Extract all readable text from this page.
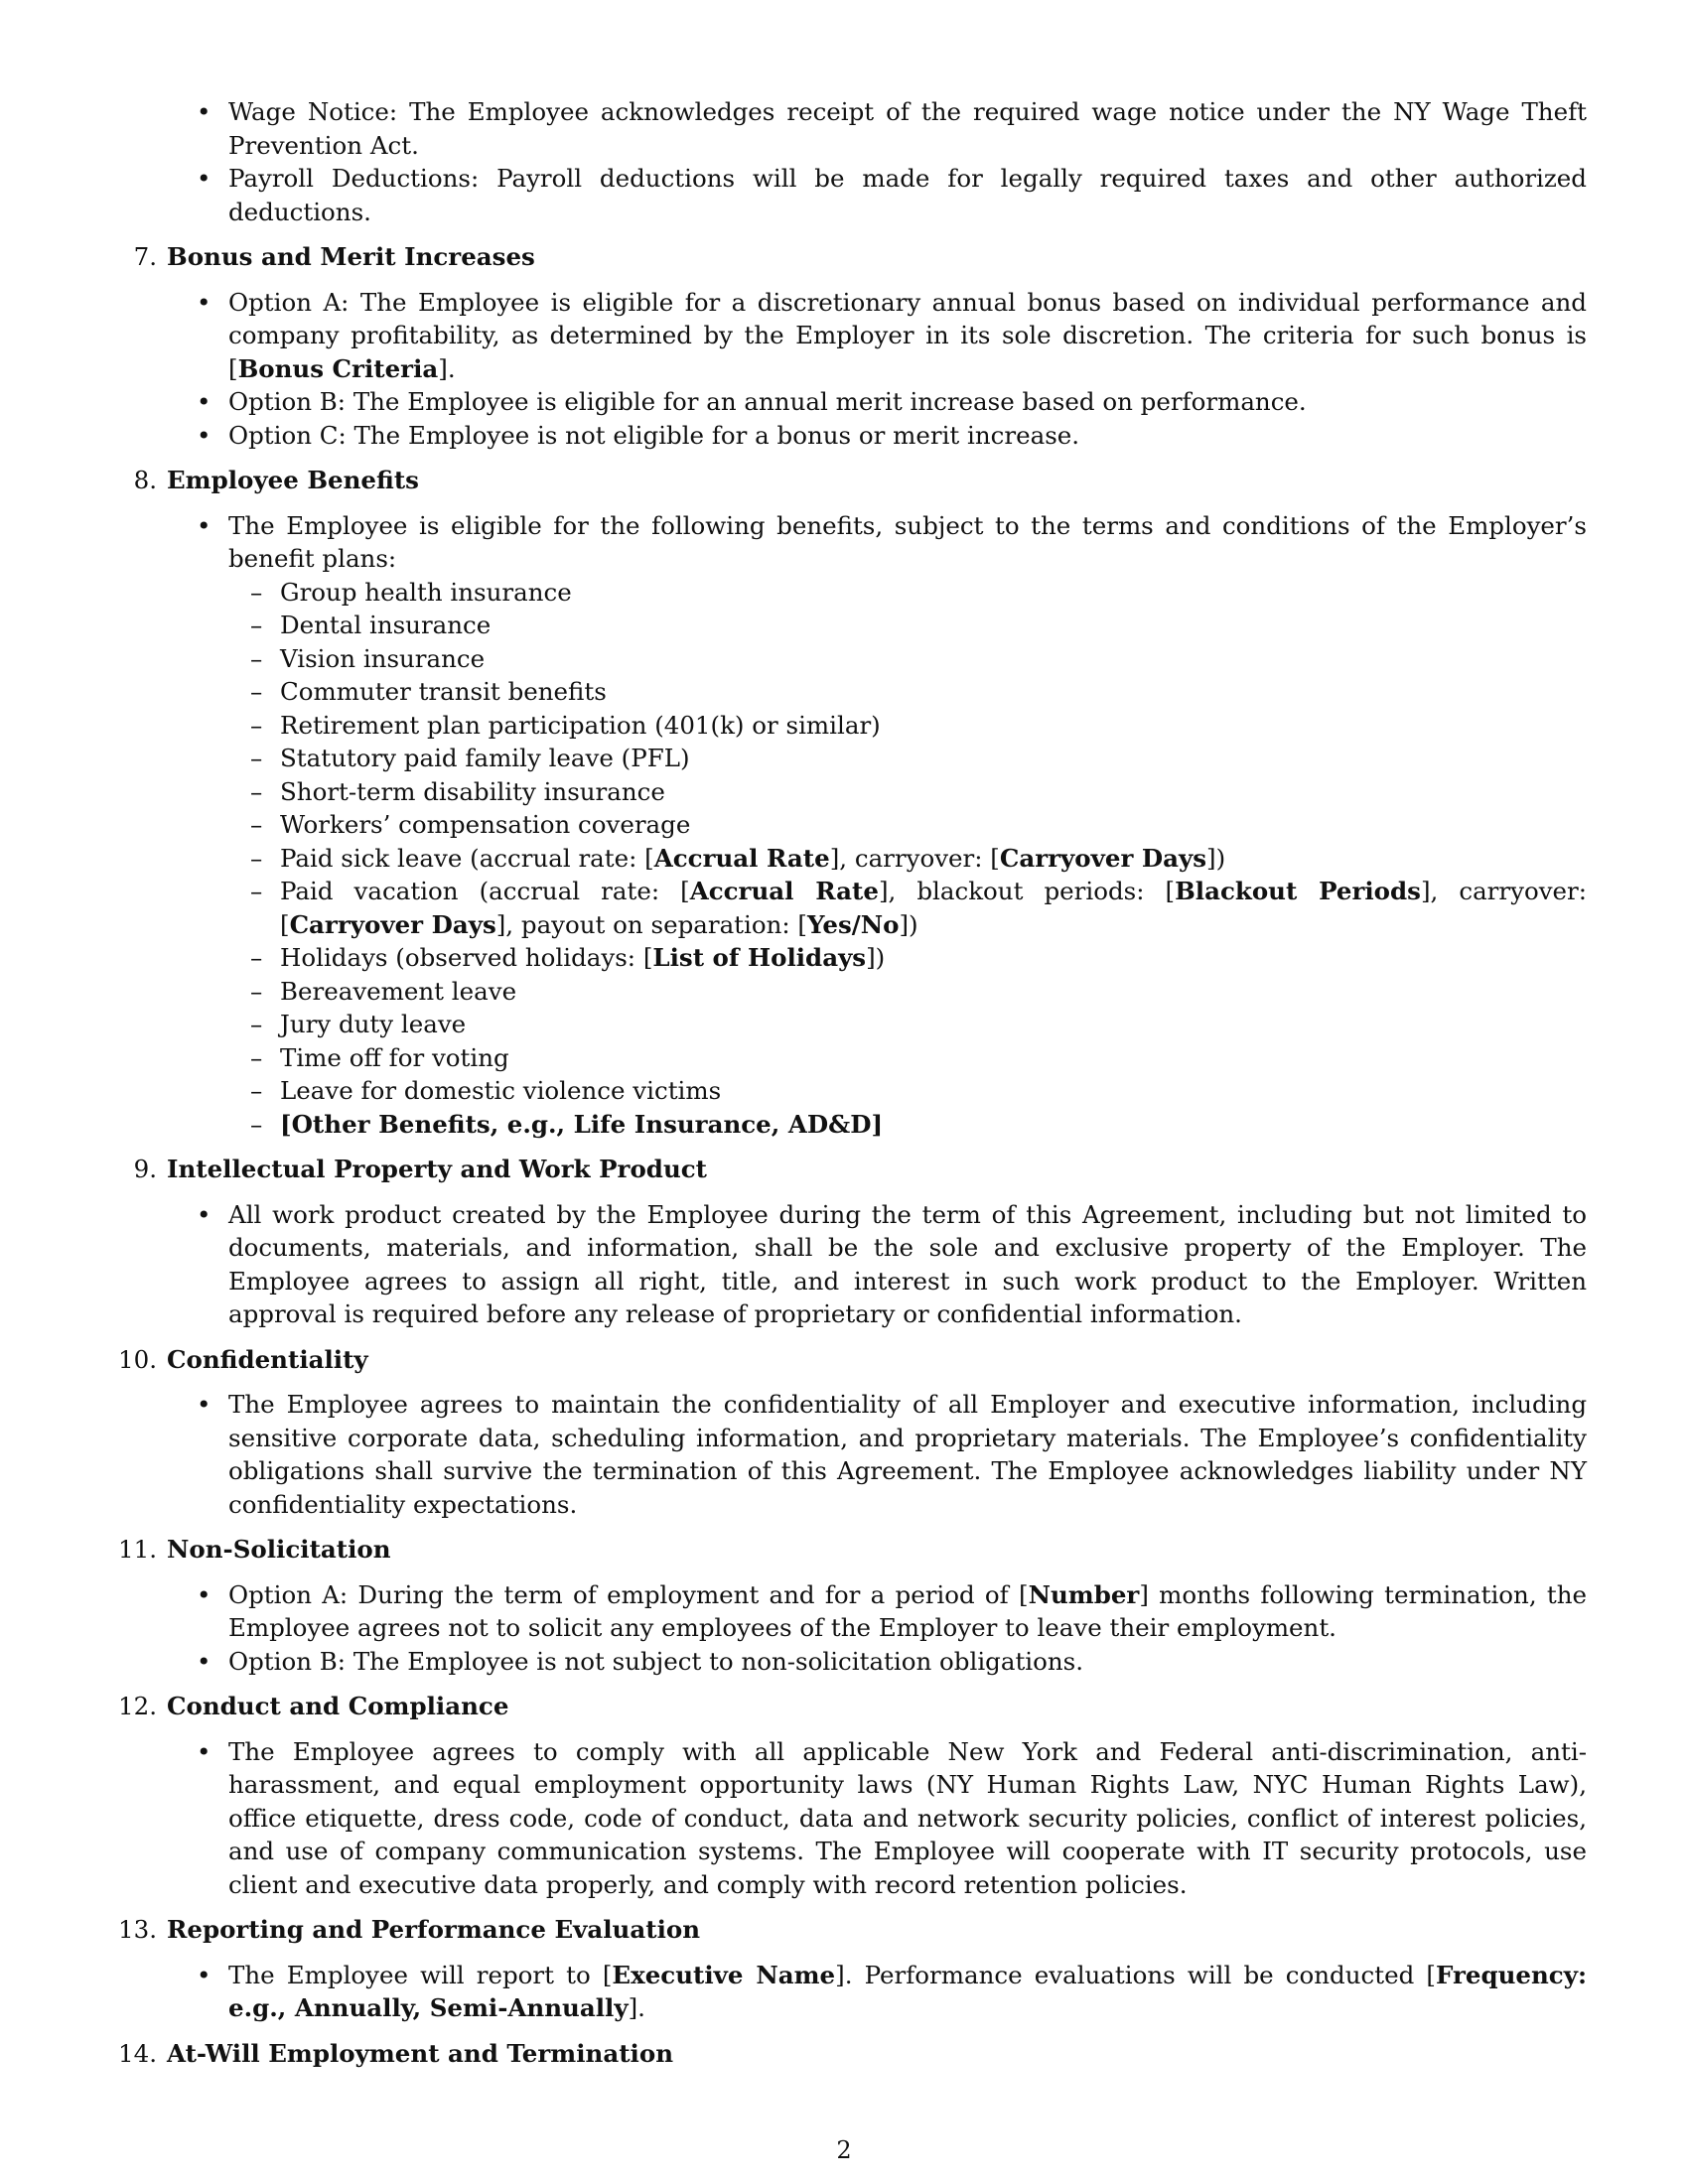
• Wage Notice: The Employee acknowledges receipt of the required wage notice under the NY Wage Theft Prevention Act.
• Payroll Deductions: Payroll deductions will be made for legally required taxes and other authorized deductions.
7. Bonus and Merit Increases
• Option A: The Employee is eligible for a discretionary annual bonus based on individual performance and company profitability, as determined by the Employer in its sole discretion. The criteria for such bonus is [Bonus Criteria].
• Option B: The Employee is eligible for an annual merit increase based on performance.
• Option C: The Employee is not eligible for a bonus or merit increase.
8. Employee Benefits
• The Employee is eligible for the following benefits, subject to the terms and conditions of the Employer’s benefit plans:
– Group health insurance
– Dental insurance
– Vision insurance
– Commuter transit benefits
– Retirement plan participation (401(k) or similar)
– Statutory paid family leave (PFL)
– Short-term disability insurance
– Workers’ compensation coverage
– Paid sick leave (accrual rate: [Accrual Rate], carryover: [Carryover Days])
– Paid vacation (accrual rate: [Accrual Rate], blackout periods: [Blackout Periods], carryover: [Carryover Days], payout on separation: [Yes/No])
– Holidays (observed holidays: [List of Holidays])
– Bereavement leave
– Jury duty leave
– Time off for voting
– Leave for domestic violence victims
– [Other Benefits, e.g., Life Insurance, AD&D]
9. Intellectual Property and Work Product
• All work product created by the Employee during the term of this Agreement, including but not limited to documents, materials, and information, shall be the sole and exclusive property of the Employer. The Employee agrees to assign all right, title, and interest in such work product to the Employer. Written approval is required before any release of proprietary or confidential information.
10. Confidentiality
• The Employee agrees to maintain the confidentiality of all Employer and executive information, including sensitive corporate data, scheduling information, and proprietary materials. The Employee’s confidentiality obligations shall survive the termination of this Agreement. The Employee acknowledges liability under NY confidentiality expectations.
11. Non-Solicitation
• Option A: During the term of employment and for a period of [Number] months following termination, the Employee agrees not to solicit any employees of the Employer to leave their employment.
• Option B: The Employee is not subject to non-solicitation obligations.
12. Conduct and Compliance
• The Employee agrees to comply with all applicable New York and Federal anti-discrimination, anti-harassment, and equal employment opportunity laws (NY Human Rights Law, NYC Human Rights Law), office etiquette, dress code, code of conduct, data and network security policies, conflict of interest policies, and use of company communication systems. The Employee will cooperate with IT security protocols, use client and executive data properly, and comply with record retention policies.
13. Reporting and Performance Evaluation
• The Employee will report to [Executive Name]. Performance evaluations will be conducted [Frequency: e.g., Annually, Semi-Annually].
14. At-Will Employment and Termination
2
